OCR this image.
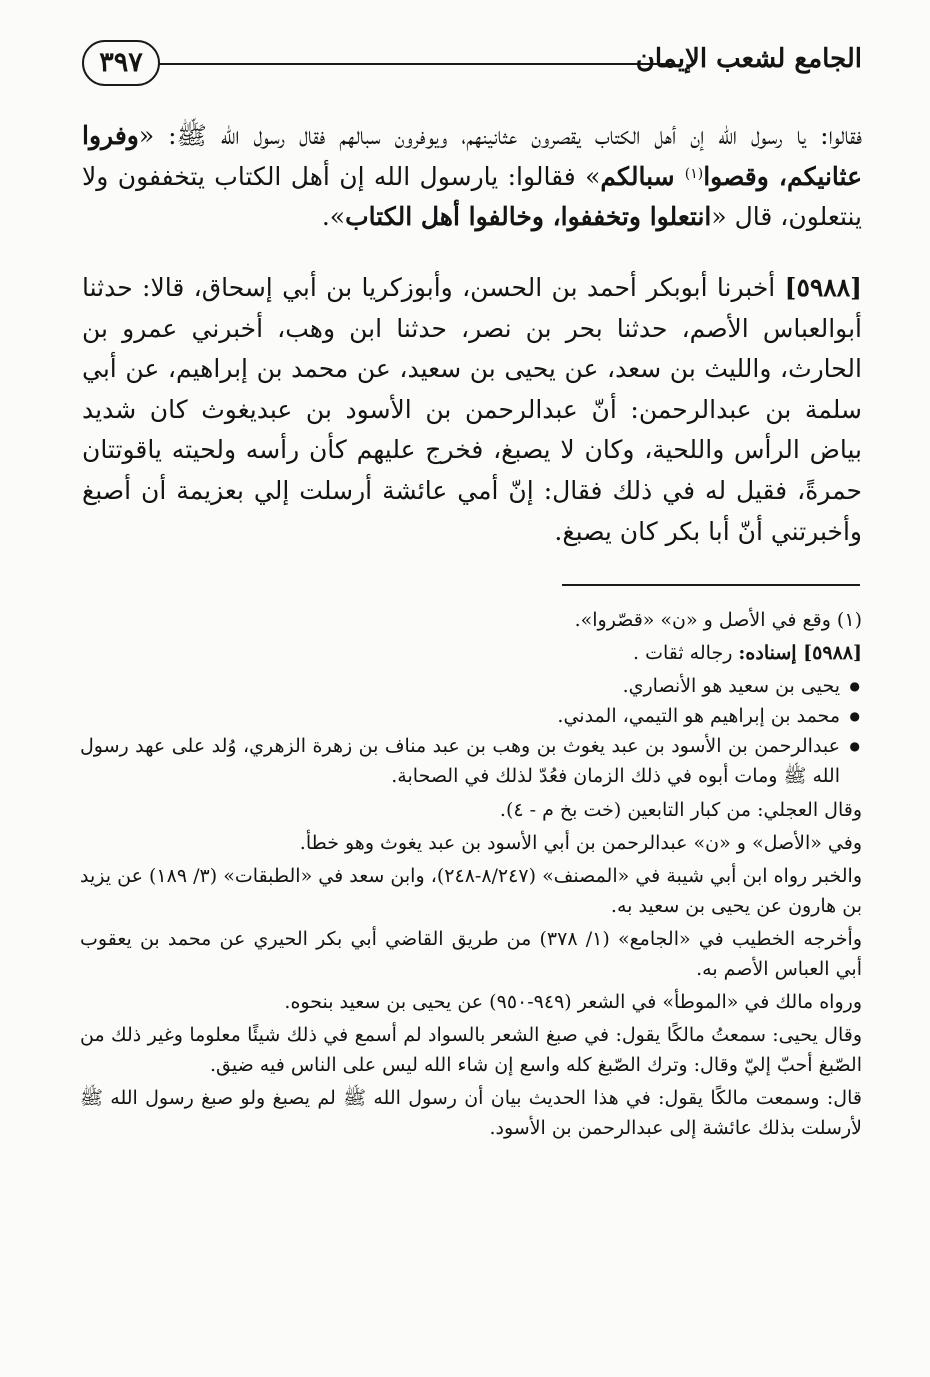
٣٩٧	الجامع لشعب الإيمان

فقالوا: يا رسول الله إن أهل الكتاب يقصرون عثانينهم، ويوفرون سبالهم فقال رسول الله ﷺ: «وفروا عثانيكم، وقصوا$^{(١)}$ سبالكم» فقالوا: يارسول الله إن أهل الكتاب يتخففون ولا ينتعلون، قال «انتعلوا وتخففوا، وخالفوا أهل الكتاب».

[٥٩٨٨] أخبرنا أبوبكر أحمد بن الحسن، وأبوزكريا بن أبي إسحاق، قالا: حدثنا أبوالعباس الأصم، حدثنا بحر بن نصر، حدثنا ابن وهب، أخبرني عمرو بن الحارث، والليث بن سعد، عن يحيى بن سعيد، عن محمد بن إبراهيم، عن أبي سلمة بن عبدالرحمن: أنّ عبدالرحمن بن الأسود بن عبديغوث كان شديد بياض الرأس واللحية، وكان لا يصبغ، فخرج عليهم كأن رأسه ولحيته ياقوتتان حمرةً، فقيل له في ذلك فقال: إنّ أمي عائشة أرسلت إلي بعزيمة أن أصبغ وأخبرتني أنّ أبا بكر كان يصبغ.

(١) وقع في الأصل و «ن» «قصّروا».

[٥٩٨٨] إسناده: رجاله ثقات .

● يحيى بن سعيد هو الأنصاري.
● محمد بن إبراهيم هو التيمي، المدني.
● عبدالرحمن بن الأسود بن عبد يغوث بن وهب بن عبد مناف بن زهرة الزهري، وُلد على عهد رسول الله ﷺ ومات أبوه في ذلك الزمان فعُدّ لذلك في الصحابة.

وقال العجلي: من كبار التابعين (خت بخ م - ٤).

وفي «الأصل» و «ن» عبدالرحمن بن أبي الأسود بن عبد يغوث وهو خطأ.

والخبر رواه ابن أبي شيبة في «المصنف» (٨/٢٤٧-٢٤٨)، وابن سعد في «الطبقات» (٣/ ١٨٩) عن يزيد بن هارون عن يحيى بن سعيد به.

وأخرجه الخطيب في «الجامع» (١/ ٣٧٨) من طريق القاضي أبي بكر الحيري عن محمد بن يعقوب أبي العباس الأصم به.

ورواه مالك في «الموطأ» في الشعر (٩٤٩-٩٥٠) عن يحيى بن سعيد بنحوه.

وقال يحيى: سمعتُ مالكًا يقول: في صبغ الشعر بالسواد لم أسمع في ذلك شيئًا معلوما وغير ذلك من الصّبغ أحبّ إليّ وقال: وترك الصّبغ كله واسع إن شاء الله ليس على الناس فيه ضيق.

قال: وسمعت مالكًا يقول: في هذا الحديث بيان أن رسول الله ﷺ لم يصبغ ولو صبغ رسول الله ﷺ لأرسلت بذلك عائشة إلى عبدالرحمن بن الأسود.
